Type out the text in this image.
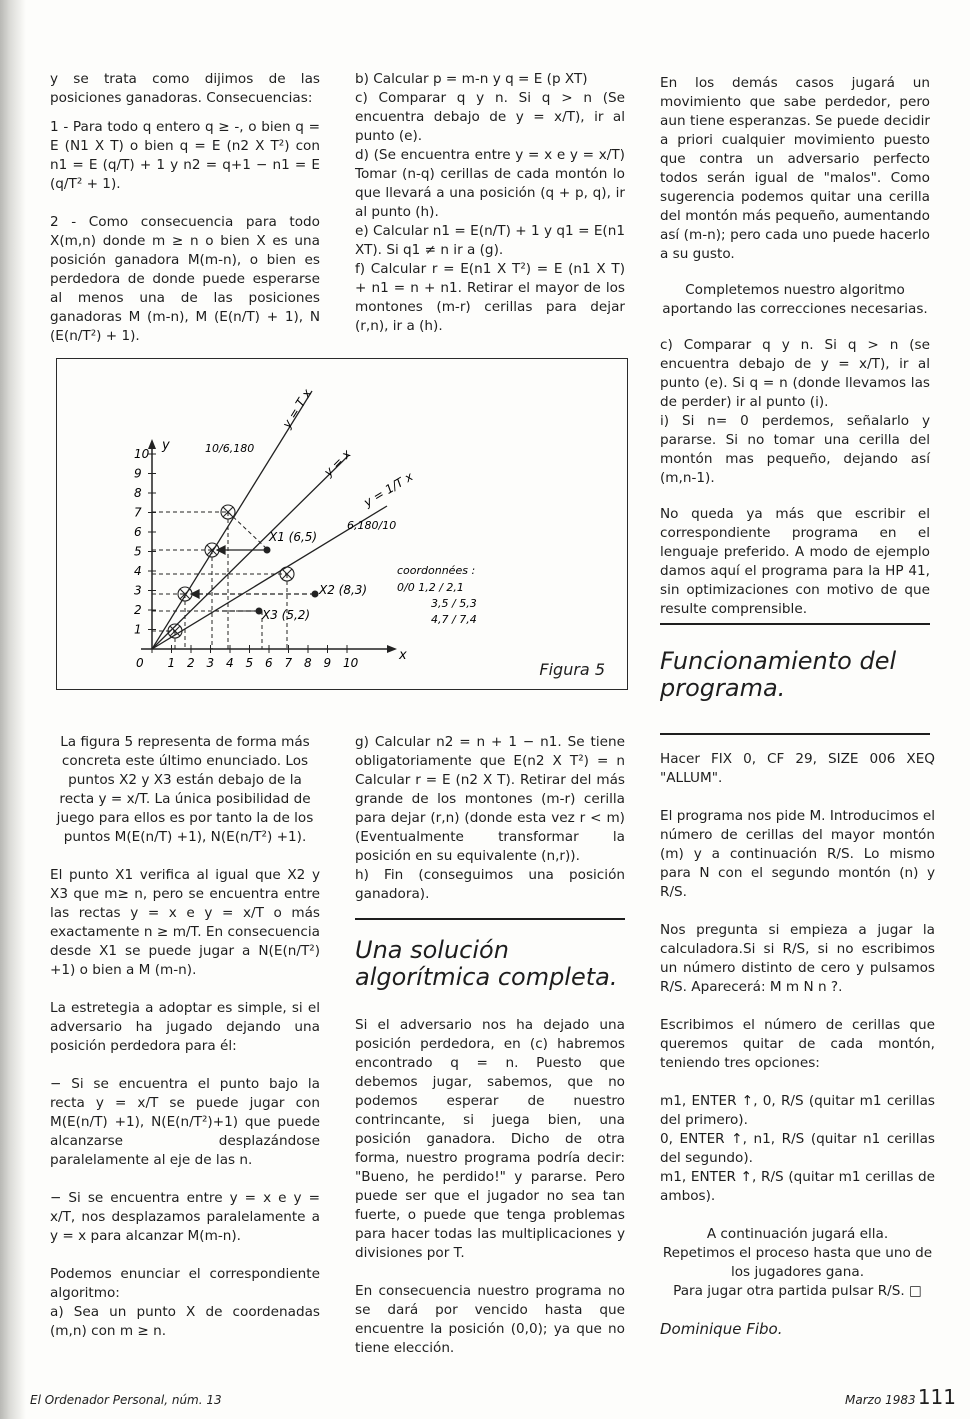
y se trata como dijimos de las posiciones ganadoras. Consecuencias:

1 - Para todo q entero q ≥ -, o bien q = E (N1 X T) o bien q = E (n2 X T²) con n1 = E (q/T) + 1 y n2 = q+1 − n1 = E (q/T² + 1).

2 - Como consecuencia para todo X(m,n) donde m ≥ n o bien X es una posición ganadora M(m-n), o bien es perdedora de donde puede esperarse al menos una de las posiciones ganadoras M (m-n), M (E(n/T) + 1), N (E(n/T²) + 1).

b) Calcular p = m-n y q = E (p XT)

c) Comparar q y n. Si q > n (Se encuentra debajo de y = x/T), ir al punto (e).

d) (Se encuentra entre y = x e y = x/T) Tomar (n-q) cerillas de cada montón lo que llevará a una posición (q + p, q), ir al punto (h).

e) Calcular n1 = E(n/T) + 1 y q1 = E(n1 XT). Si q1 ≠ n ir a (g).

f) Calcular r = E(n1 X T²) = E (n1 X T) + n1 = n + n1. Retirar el mayor de los montones (m-r) cerillas para dejar (r,n), ir a (h).

En los demás casos jugará un movimiento que sabe perdedor, pero aun tiene esperanzas. Se puede decidir a priori cualquier movimiento puesto que contra un adversario perfecto todos serán igual de "malos". Como sugerencia podemos quitar una cerilla del montón más pequeño, aumentando así (m-n); pero cada uno puede hacerlo a su gusto.

Completemos nuestro algoritmo aportando las correcciones necesarias.

c) Comparar q y n. Si q > n (se encuentra debajo de y = x/T), ir al punto (e). Si q = n (donde llevamos las de perder) ir al punto (i).

i) Si n= 0 perdemos, señalarlo y pararse. Si no tomar una cerilla del montón mas pequeño, dejando así (m,n-1).

No queda ya más que escribir el correspondiente programa en el lenguaje preferido. A modo de ejemplo damos aquí el programa para la HP 41, sin optimizaciones con motivo de que resulte comprensible.

Funcionamiento del programa.
1
2
3
4
5
6
7
8
9
10
0 1 2 3 4 5 6 7 8 9 10
y
x
y = T x
y = x
y = 1/T x
10/6,180
6,180/10
X1 (6,5)
X2 (8,3)
X3 (5,2)
coordonnées :
0/0 1,2 / 2,1
3,5 / 5,3
4,7 / 7,4
Figura 5

La figura 5 representa de forma más concreta este último enunciado. Los puntos X2 y X3 están debajo de la recta y = x/T. La única posibilidad de juego para ellos es por tanto la de los puntos M(E(n/T) +1), N(E(n/T²) +1).

El punto X1 verifica al igual que X2 y X3 que m≥ n, pero se encuentra entre las rectas y = x e y = x/T o más exactamente n ≥ m/T. En consecuencia desde X1 se puede jugar a N(E(n/T²) +1) o bien a M (m-n).

La estretegia a adoptar es simple, si el adversario ha jugado dejando una posición perdedora para él:

− Si se encuentra el punto bajo la recta y = x/T se puede jugar con M(E(n/T) +1), N(E(n/T²)+1) que puede alcanzarse desplazándose paralelamente al eje de las n.

− Si se encuentra entre y = x e y = x/T, nos desplazamos paralelamente a y = x para alcanzar M(m-n).

Podemos enunciar el correspondiente algoritmo:

a) Sea un punto X de coordenadas (m,n) con m ≥ n.

g) Calcular n2 = n + 1 − n1. Se tiene obligatoriamente que E(n2 X T²) = n Calcular r = E (n2 X T). Retirar del más grande de los montones (m-r) cerilla para dejar (r,n) (donde esta vez r < m) (Eventualmente transformar la posición en su equivalente (n,r)).

h) Fin (conseguimos una posición ganadora).

Una solución algorítmica completa.

Si el adversario nos ha dejado una posición perdedora, en (c) habremos encontrado q = n. Puesto que debemos jugar, sabemos, que no podemos esperar de nuestro contrincante, si juega bien, una posición ganadora. Dicho de otra forma, nuestro programa podría decir: "Bueno, he perdido!" y pararse. Pero puede ser que el jugador no sea tan fuerte, o puede que tenga problemas para hacer todas las multiplicaciones y divisiones por T.

En consecuencia nuestro programa no se dará por vencido hasta que encuentre la posición (0,0); ya que no tiene elección.

Hacer FIX 0, CF 29, SIZE 006 XEQ "ALLUM".

El programa nos pide M. Introducimos el número de cerillas del mayor montón (m) y a continuación R/S. Lo mismo para N con el segundo montón (n) y R/S.

Nos pregunta si empieza a jugar la calculadora.Si si R/S, si no escribimos un número distinto de cero y pulsamos R/S. Aparecerá: M m N n ?.

Escribimos el número de cerillas que queremos quitar de cada montón, teniendo tres opciones:

m1, ENTER ↑, 0, R/S (quitar m1 cerillas del primero).

0, ENTER ↑, n1, R/S (quitar n1 cerillas del segundo).

m1, ENTER ↑, R/S (quitar m1 cerillas de ambos).

A continuación jugará ella.

Repetimos el proceso hasta que uno de los jugadores gana.

Para jugar otra partida pulsar R/S. □

Dominique Fibo.

El Ordenador Personal, núm. 13	Marzo 1983 111
